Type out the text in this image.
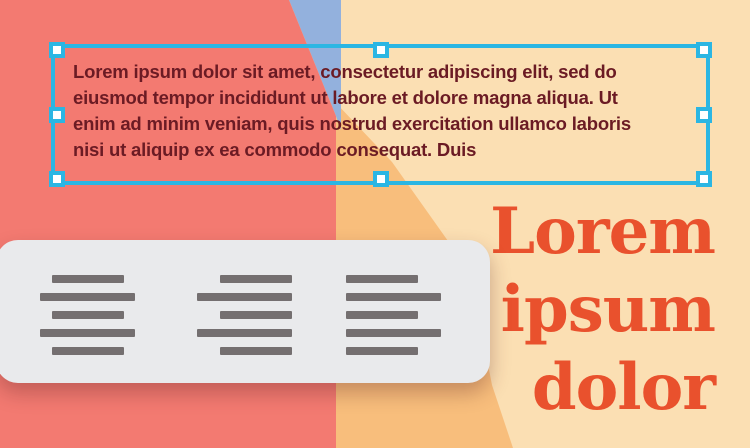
Lorem ipsum dolor sit amet, consectetur adipiscing elit, sed do
eiusmod tempor incididunt ut labore et dolore magna aliqua. Ut
enim ad minim veniam, quis nostrud exercitation ullamco laboris
nisi ut aliquip ex ea commodo consequat. Duis
Lorem
ipsum
dolor
